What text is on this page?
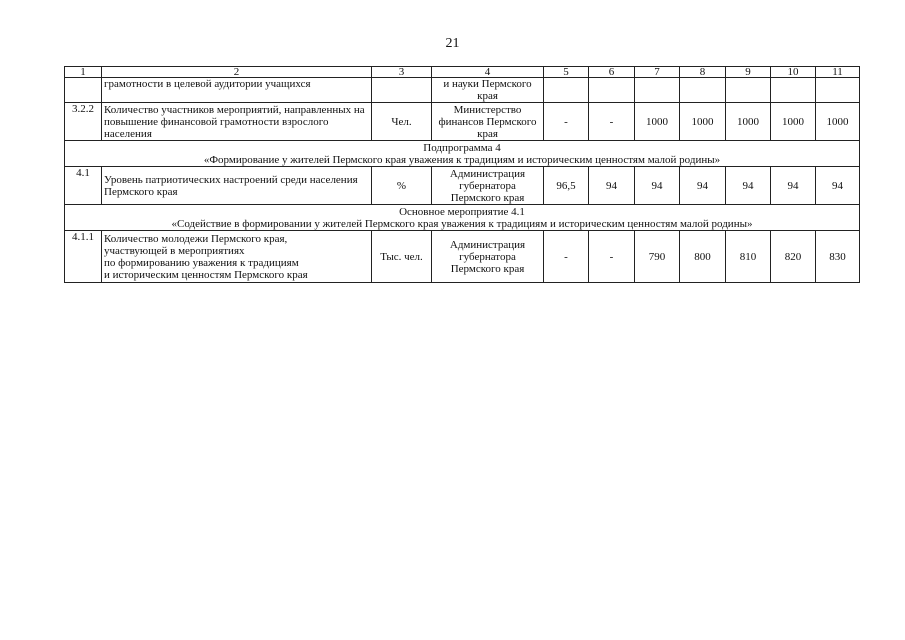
21
1	2	3	4	5	6	7	8	9	10	11
	грамотности в целевой аудитории учащихся		и науки Пермского края							
3.2.2	Количество участников мероприятий, направленных на повышение финансовой грамотности взрослого населения	Чел.	Министерство финансов Пермского края	-	-	1000	1000	1000	1000	1000

Подпрограмма 4
«Формирование у жителей Пермского края уважения к традициям и историческим ценностям малой родины»										

4.1	Уровень патриотических настроений среди населения Пермского края	%	Администрация губернатора Пермского края	96,5	94	94	94	94	94	94

Основное мероприятие 4.1
«Содействие в формировании у жителей Пермского края уважения к традициям и историческим ценностям малой родины»										

4.1.1	Количество молодежи Пермского края,
участвующей в мероприятиях
по формированию уважения к традициям
и историческим ценностям Пермского края	Тыс. чел.	Администрация губернатора Пермского края	-	-	790	800	810	820	830
